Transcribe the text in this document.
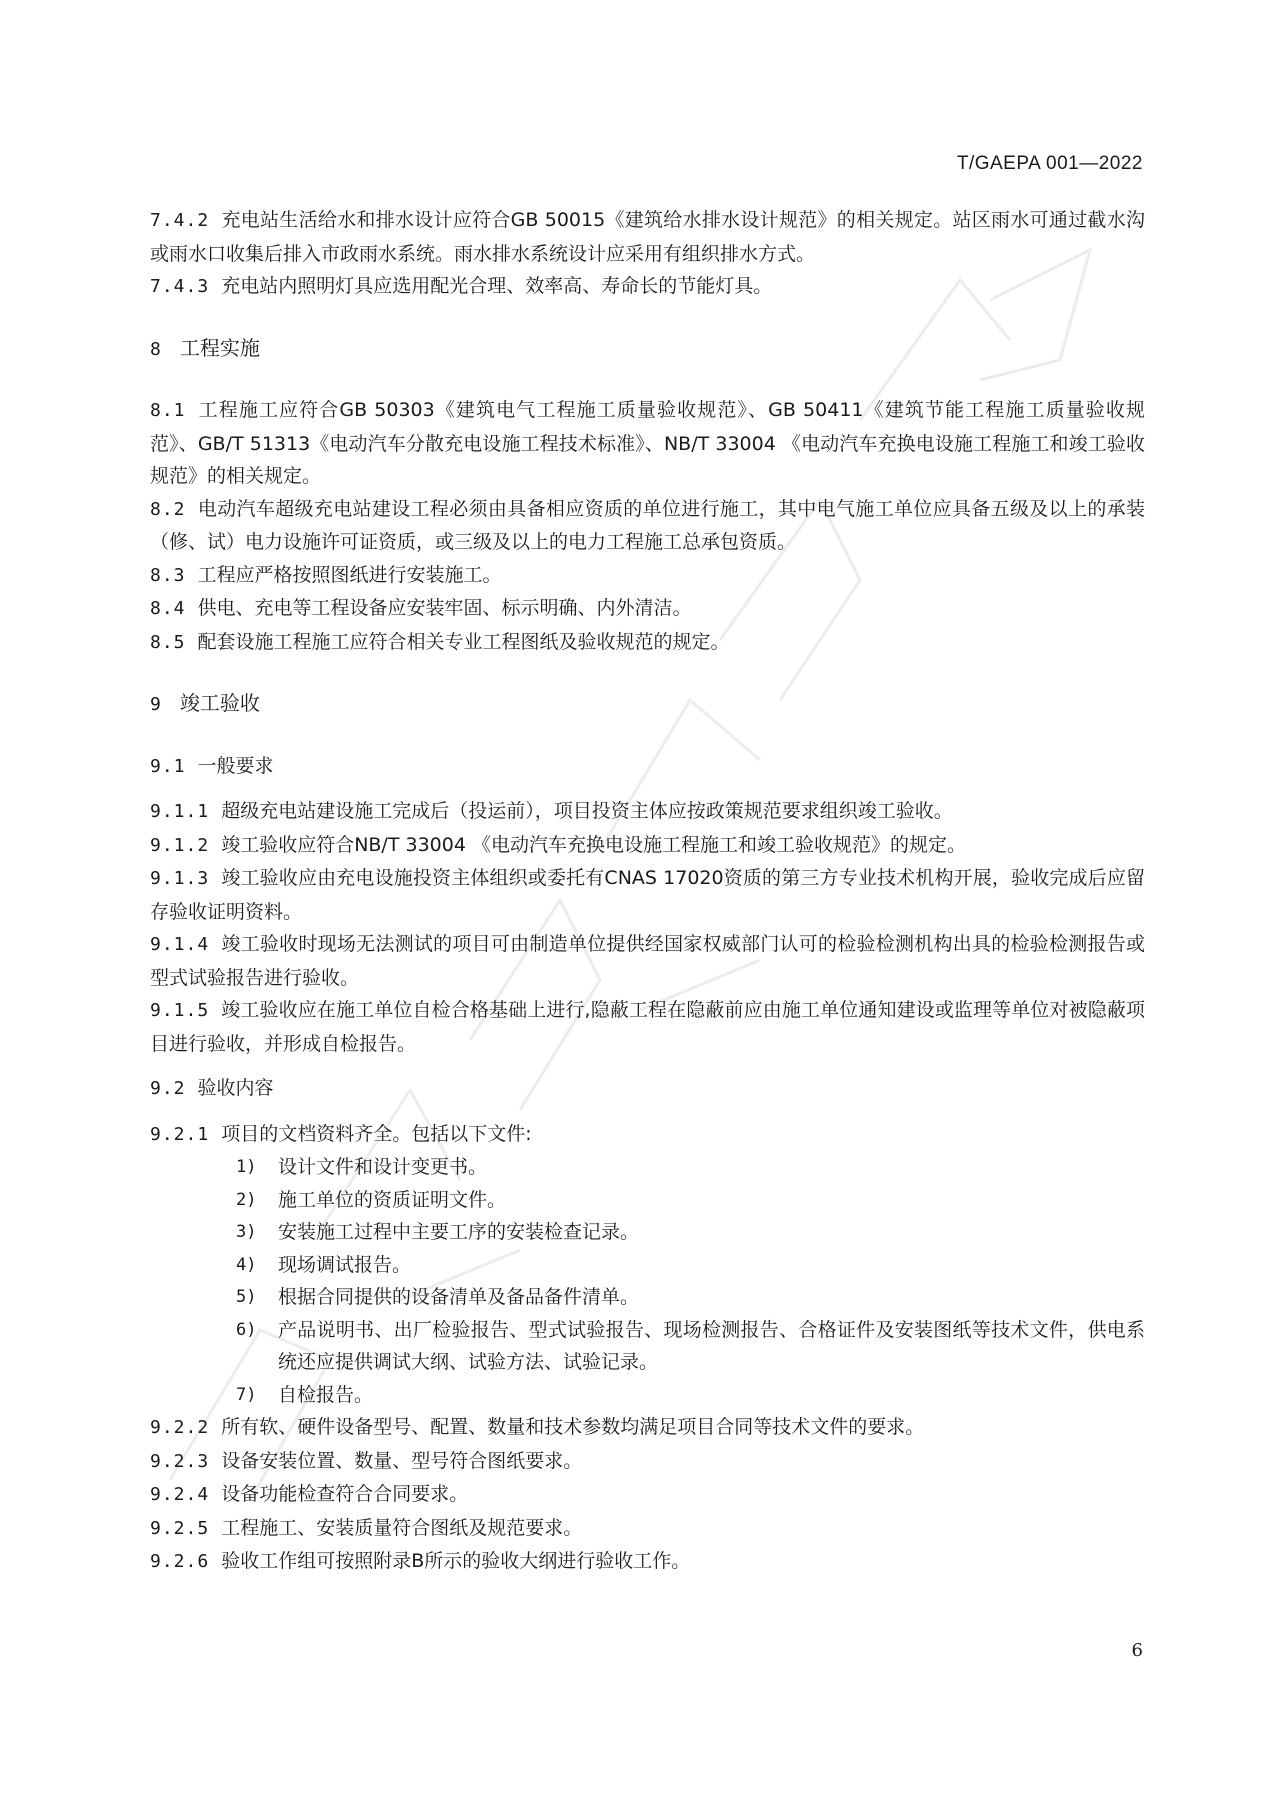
T/GAEPA 001—2022

7.4.2 充电站生活给水和排水设计应符合GB 50015《建筑给水排水设计规范》的相关规定。站区雨水可通过截水沟或雨水口收集后排入市政雨水系统。雨水排水系统设计应采用有组织排水方式。

7.4.3 充电站内照明灯具应选用配光合理、效率高、寿命长的节能灯具。

8 工程实施

8.1 工程施工应符合GB 50303《建筑电气工程施工质量验收规范》、GB 50411《建筑节能工程施工质量验收规范》、GB/T 51313《电动汽车分散充电设施工程技术标准》、NB/T 33004 《电动汽车充换电设施工程施工和竣工验收规范》的相关规定。

8.2 电动汽车超级充电站建设工程必须由具备相应资质的单位进行施工，其中电气施工单位应具备五级及以上的承装（修、试）电力设施许可证资质，或三级及以上的电力工程施工总承包资质。

8.3 工程应严格按照图纸进行安装施工。

8.4 供电、充电等工程设备应安装牢固、标示明确、内外清洁。

8.5 配套设施工程施工应符合相关专业工程图纸及验收规范的规定。

9 竣工验收

9.1 一般要求

9.1.1 超级充电站建设施工完成后（投运前），项目投资主体应按政策规范要求组织竣工验收。

9.1.2 竣工验收应符合NB/T 33004 《电动汽车充换电设施工程施工和竣工验收规范》的规定。

9.1.3 竣工验收应由充电设施投资主体组织或委托有CNAS 17020资质的第三方专业技术机构开展，验收完成后应留存验收证明资料。

9.1.4 竣工验收时现场无法测试的项目可由制造单位提供经国家权威部门认可的检验检测机构出具的检验检测报告或型式试验报告进行验收。

9.1.5 竣工验收应在施工单位自检合格基础上进行,隐蔽工程在隐蔽前应由施工单位通知建设或监理等单位对被隐蔽项目进行验收，并形成自检报告。

9.2 验收内容

9.2.1 项目的文档资料齐全。包括以下文件:

1)	设计文件和设计变更书。
2)	施工单位的资质证明文件。
3)	安装施工过程中主要工序的安装检查记录。
4)	现场调试报告。
5)	根据合同提供的设备清单及备品备件清单。
6)	产品说明书、出厂检验报告、型式试验报告、现场检测报告、合格证件及安装图纸等技术文件，供电系统还应提供调试大纲、试验方法、试验记录。
7)	自检报告。

9.2.2 所有软、硬件设备型号、配置、数量和技术参数均满足项目合同等技术文件的要求。

9.2.3 设备安装位置、数量、型号符合图纸要求。

9.2.4 设备功能检查符合合同要求。

9.2.5 工程施工、安装质量符合图纸及规范要求。

9.2.6 验收工作组可按照附录B所示的验收大纲进行验收工作。

6
